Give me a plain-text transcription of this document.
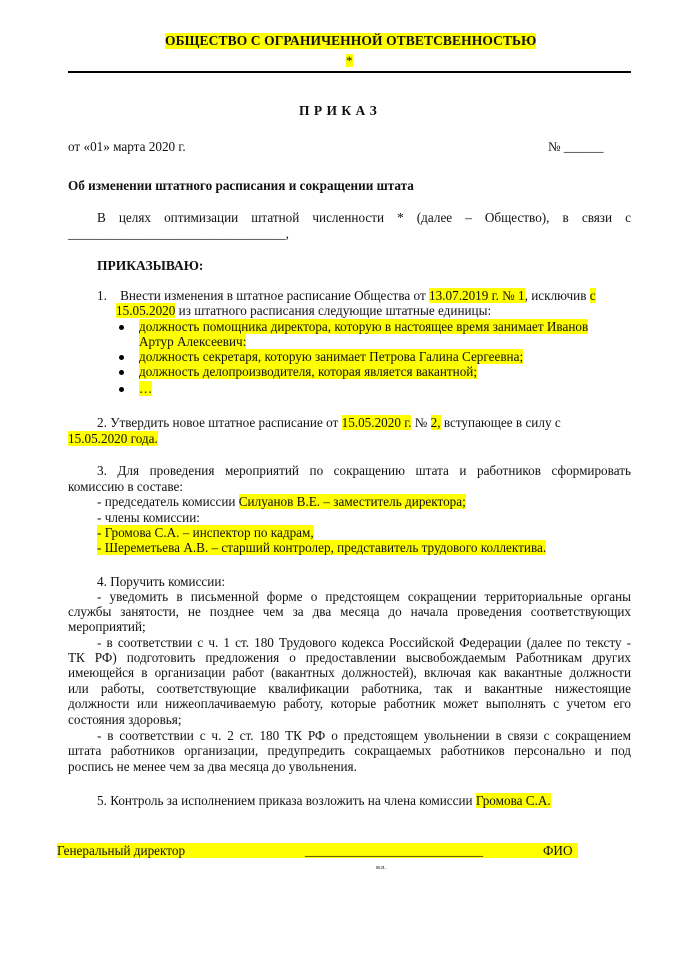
ОБЩЕСТВО С ОГРАНИЧЕННОЙ ОТВЕТСВЕННОСТЬЮ
*
П Р И К А З
от «01» марта 2020 г.	№ ______
Об изменении штатного расписания и сокращении штата
В целях оптимизации штатной численности * (далее – Общество), в связи с
_________________________________,
ПРИКАЗЫВАЮ:
1.    Внести изменения в штатное расписание Общества от 13.07.2019 г. № 1, исключив с
15.05.2020 из штатного расписания следующие штатные единицы:
должность помощника директора, которую в настоящее время занимает Иванов
Артур Алексеевич:
должность секретаря, которую занимает Петрова Галина Сергеевна;
должность делопроизводителя, которая является вакантной;
…
2. Утвердить новое штатное расписание от 15.05.2020 г. № 2, вступающее в силу с
15.05.2020 года.
3. Для проведения мероприятий по сокращению штата и работников сформировать
комиссию в составе:
- председатель комиссии Силуанов В.Е. – заместитель директора;
- члены комиссии:
- Громова С.А. – инспектор по кадрам,
- Шереметьева А.В. – старший контролер, представитель трудового коллектива.
4. Поручить комиссии:
- уведомить в письменной форме о предстоящем сокращении территориальные органы
службы занятости, не позднее чем за два месяца до начала проведения соответствующих
мероприятий;
- в соответствии с ч. 1 ст. 180 Трудового кодекса Российской Федерации (далее по тексту -
ТК РФ) подготовить предложения о предоставлении высвобождаемым Работникам других
имеющейся в организации работ (вакантных должностей), включая как вакантные должности
или работы, соответствующие квалификации работника, так и вакантные нижестоящие
должности или нижеоплачиваемую работу, которые работник может выполнять с учетом его
состояния здоровья;
- в соответствии с ч. 2 ст. 180 ТК РФ о предстоящем увольнении в связи с сокращением
штата работников организации, предупредить сокращаемых работников персонально и под
роспись не менее чем за два месяца до увольнения.
5. Контроль за исполнением приказа возложить на члена комиссии Громова С.А.
Генеральный директор	___________________________	ФИО
м.п.
